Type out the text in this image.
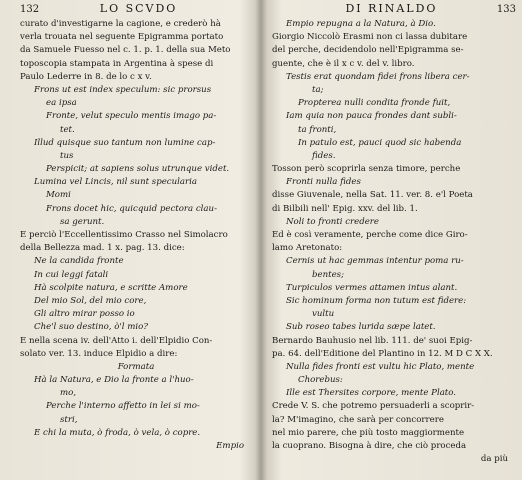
132	LO SCVDO
curato d'investigarne la cagione, e crederò hà
verla trouata nel seguente Epigramma portato
da Samuele Fuesso nel c. 1. p. 1. della sua Meto
toposcopia stampata in Argentina à spese di
Paulo Lederre in 8. de lo c x v.
Frons ut est index speculum: sic prorsus
ea ipsa
Fronte, velut speculo mentis imago pa-
tet.
Illud quisque suo tantum non lumine cap-
tus
Perspicit; at sapiens solus utrunque videt.
Lumina vel Lincis, nil sunt specularia
Momi
Frons docet hic, quicquid pectora clau-
sa gerunt.
E perciò l'Eccellentissimo Crasso nel Simolacro
della Bellezza mad. 1 x. pag. 13. dice:
Ne la candida fronte
In cui leggi fatali
Hà scolpite natura, e scritte Amore
Del mio Sol, del mio core,
Gli altro mirar posso io
Che'l suo destino, ò'l mio?
E nella scena iv. dell'Atto i. dell'Elpidio Con-
solato ver. 13. induce Elpidio a dire:
Formata
Hà la Natura, e Dio la fronte a l'huo-
mo,
Perche l'interno affetto in lei si mo-
stri,
E chi la muta, ò froda, ò vela, ò copre.
Empio
DI RINALDO	133
Empio repugna a la Natura, à Dio.
Giorgio Niccolò Erasmi non ci lassa dubitare
del perche, decidendolo nell'Epigramma se-
guente, che è il x c v. del v. libro.
Testis erat quondam fidei frons libera cer-
ta;
Propterea nulli condita fronde fuit,
Iam quia non pauca frondes dant subli-
ta fronti,
In patulo est, pauci quod sic habenda
fides.
Tosson però scoprirla senza timore, perche
Fronti nulla fides
disse Giuvenale, nella Sat. 11. ver. 8. e'l Poeta
di Bilbili nell' Epig. xxv. del lib. 1.
Noli to fronti credere
Ed è così veramente, perche come dice Giro-
lamo Aretonato:
Cernis ut hac gemmas intentur poma ru-
bentes;
Turpiculos vermes attamen intus alant.
Sic hominum forma non tutum est fidere:
vultu
Sub roseo tabes lurida sæpe latet.
Bernardo Bauhusio nel lib. 111. de' suoi Epig-
pa. 64. dell'Editione del Plantino in 12. M D C X X.
Nulla fides fronti est vultu hic Plato, mente
Chorebus:
Ille est Thersites corpore, mente Plato.
Crede V. S. che potremo persuaderli a scoprir-
la? M'imagino, che sarà per concorrere
nel mio parere, che più tosto maggiormente
la cuoprano. Bisogna à dire, che ciò proceda
da più
